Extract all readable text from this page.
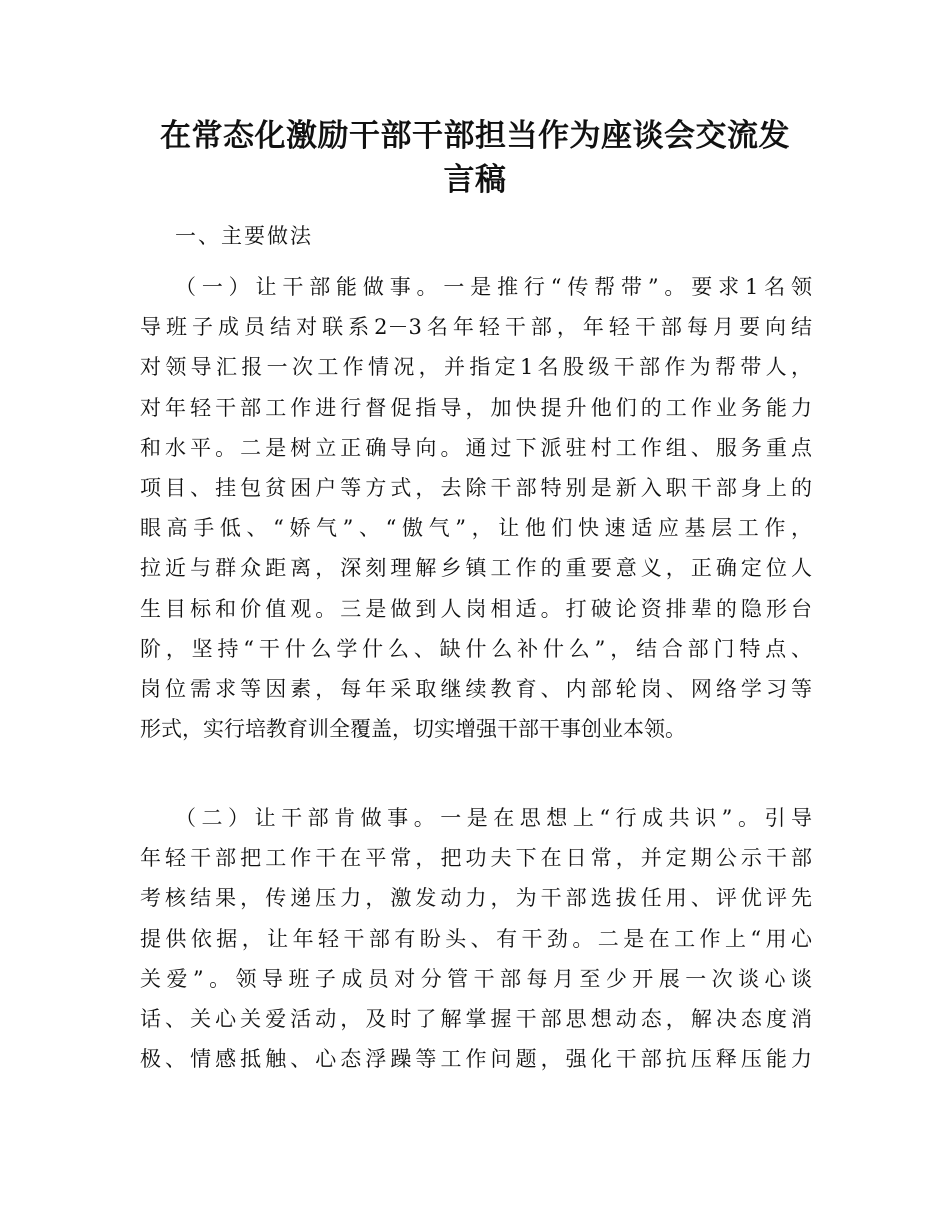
在常态化激励干部干部担当作为座谈会交流发
言稿
一、主要做法
（一）让干部能做事。一是推行“传帮带”。要求1名领
导班子成员结对联系2－3名年轻干部，年轻干部每月要向结
对领导汇报一次工作情况，并指定1名股级干部作为帮带人，
对年轻干部工作进行督促指导，加快提升他们的工作业务能力
和水平。二是树立正确导向。通过下派驻村工作组、服务重点
项目、挂包贫困户等方式，去除干部特别是新入职干部身上的
眼高手低、“娇气”、“傲气”，让他们快速适应基层工作，
拉近与群众距离，深刻理解乡镇工作的重要意义，正确定位人
生目标和价值观。三是做到人岗相适。打破论资排辈的隐形台
阶，坚持“干什么学什么、缺什么补什么”，结合部门特点、
岗位需求等因素，每年采取继续教育、内部轮岗、网络学习等
形式，实行培教育训全覆盖，切实增强干部干事创业本领。
（二）让干部肯做事。一是在思想上“行成共识”。引导
年轻干部把工作干在平常，把功夫下在日常，并定期公示干部
考核结果，传递压力，激发动力，为干部选拔任用、评优评先
提供依据，让年轻干部有盼头、有干劲。二是在工作上“用心
关爱”。领导班子成员对分管干部每月至少开展一次谈心谈
话、关心关爱活动，及时了解掌握干部思想动态，解决态度消
极、情感抵触、心态浮躁等工作问题，强化干部抗压释压能力
